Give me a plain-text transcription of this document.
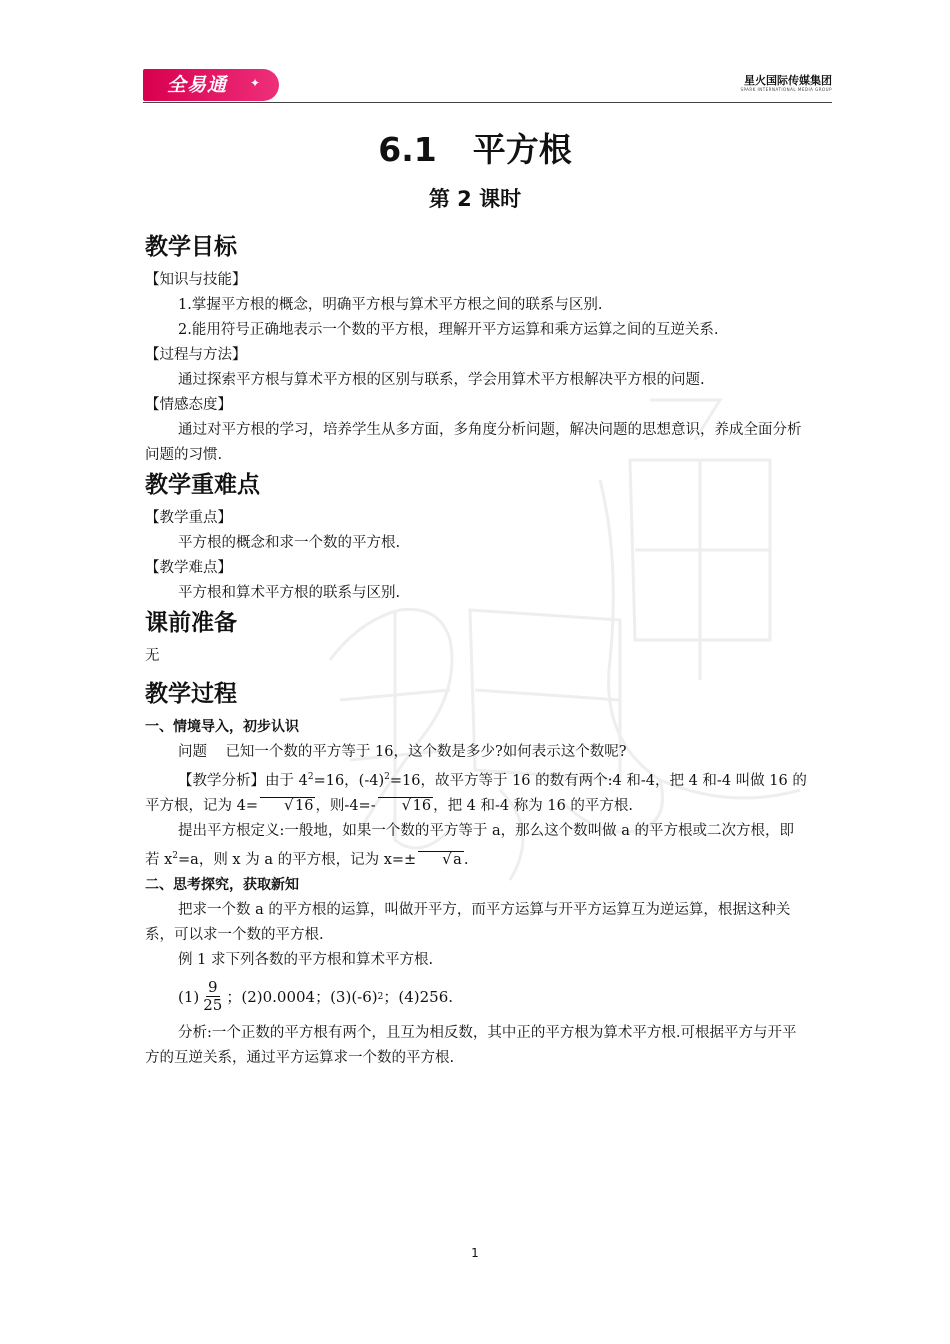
全易通 ✦	星火国际传媒集团
SPARK INTERNATIONAL MEDIA GROUP
6.1 平方根
第 2 课时
教学目标

【知识与技能】

1.掌握平方根的概念，明确平方根与算术平方根之间的联系与区别.

2.能用符号正确地表示一个数的平方根，理解开平方运算和乘方运算之间的互逆关系.

【过程与方法】

通过探索平方根与算术平方根的区别与联系，学会用算术平方根解决平方根的问题.

【情感态度】

通过对平方根的学习，培养学生从多方面，多角度分析问题，解决问题的思想意识，养成全面分析问题的习惯.

教学重难点

【教学重点】

平方根的概念和求一个数的平方根.

【教学难点】

平方根和算术平方根的联系与区别.

课前准备

无

教学过程
一、情境导入，初步认识

问题 已知一个数的平方等于 16，这个数是多少?如何表示这个数呢?

【教学分析】由于 $4^2=16$，$(-4)^2=16$，故平方等于 16 的数有两个:4 和-4，把 4 和-4 叫做 16 的平方根，记为 4=	√ 16 ，则-4=-	√ 16 ，把 4 和-4 称为 16 的平方根.

提出平方根定义:一般地，如果一个数的平方等于 a，那么这个数叫做 a 的平方根或二次方根，即若 $x^2=a$，则 x 为 a 的平方根，记为 x=±	√ a .

二、思考探究，获取新知

把求一个数 a 的平方根的运算，叫做开平方，而平方运算与开平方运算互为逆运算，根据这种关系，可以求一个数的平方根.

例 1 求下列各数的平方根和算术平方根.

$(1) \frac{9}{25}$ ；(2)0.0004；(3)(-6) 2 ；(4)256.

分析:一个正数的平方根有两个，且互为相反数，其中正的平方根为算术平方根.可根据平方与开平方的互逆关系，通过平方运算求一个数的平方根.

1
